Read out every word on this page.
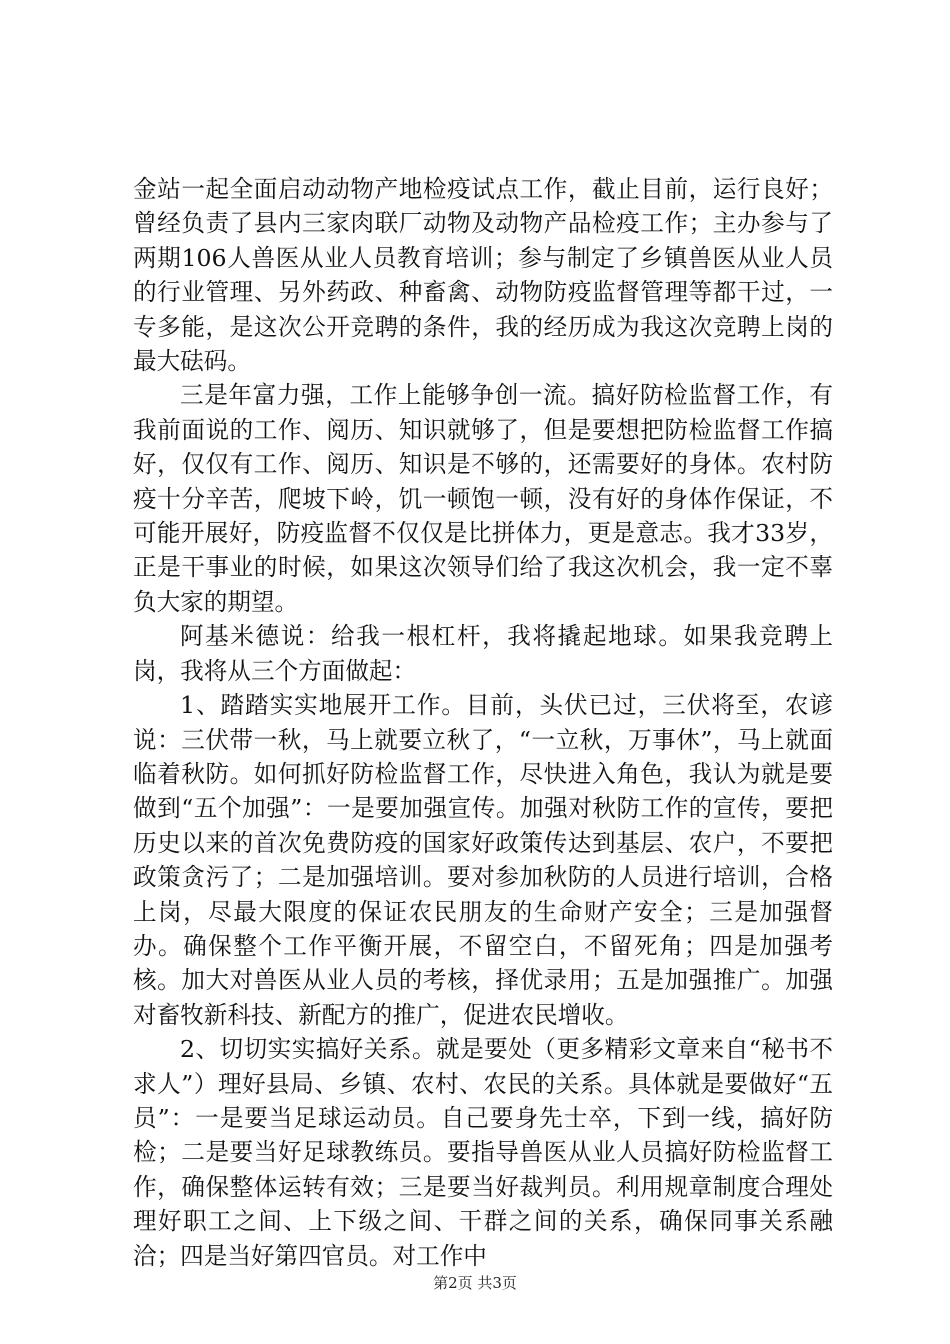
金站一起全面启动动物产地检疫试点工作，截止目前，运行良好；曾经负责了县内三家肉联厂动物及动物产品检疫工作；主办参与了两期106人兽医从业人员教育培训；参与制定了乡镇兽医从业人员的行业管理、另外药政、种畜禽、动物防疫监督管理等都干过，一专多能，是这次公开竞聘的条件，我的经历成为我这次竞聘上岗的最大砝码。

三是年富力强，工作上能够争创一流。搞好防检监督工作，有我前面说的工作、阅历、知识就够了，但是要想把防检监督工作搞好，仅仅有工作、阅历、知识是不够的，还需要好的身体。农村防疫十分辛苦，爬坡下岭，饥一顿饱一顿，没有好的身体作保证，不可能开展好，防疫监督不仅仅是比拼体力，更是意志。我才33岁，正是干事业的时候，如果这次领导们给了我这次机会，我一定不辜负大家的期望。

阿基米德说：给我一根杠杆，我将撬起地球。如果我竞聘上岗，我将从三个方面做起：

1、踏踏实实地展开工作。目前，头伏已过，三伏将至，农谚说：三伏带一秋，马上就要立秋了，“一立秋，万事休”，马上就面临着秋防。如何抓好防检监督工作，尽快进入角色，我认为就是要做到“五个加强”：一是要加强宣传。加强对秋防工作的宣传，要把历史以来的首次免费防疫的国家好政策传达到基层、农户，不要把政策贪污了；二是加强培训。要对参加秋防的人员进行培训，合格上岗，尽最大限度的保证农民朋友的生命财产安全；三是加强督办。确保整个工作平衡开展，不留空白，不留死角；四是加强考核。加大对兽医从业人员的考核，择优录用；五是加强推广。加强对畜牧新科技、新配方的推广，促进农民增收。

2、切切实实搞好关系。就是要处（更多精彩文章来自“秘书不求人”）理好县局、乡镇、农村、农民的关系。具体就是要做好“五员”：一是要当足球运动员。自己要身先士卒，下到一线，搞好防检；二是要当好足球教练员。要指导兽医从业人员搞好防检监督工作，确保整体运转有效；三是要当好裁判员。利用规章制度合理处理好职工之间、上下级之间、干群之间的关系，确保同事关系融洽；四是当好第四官员。对工作中

第2页 共3页
